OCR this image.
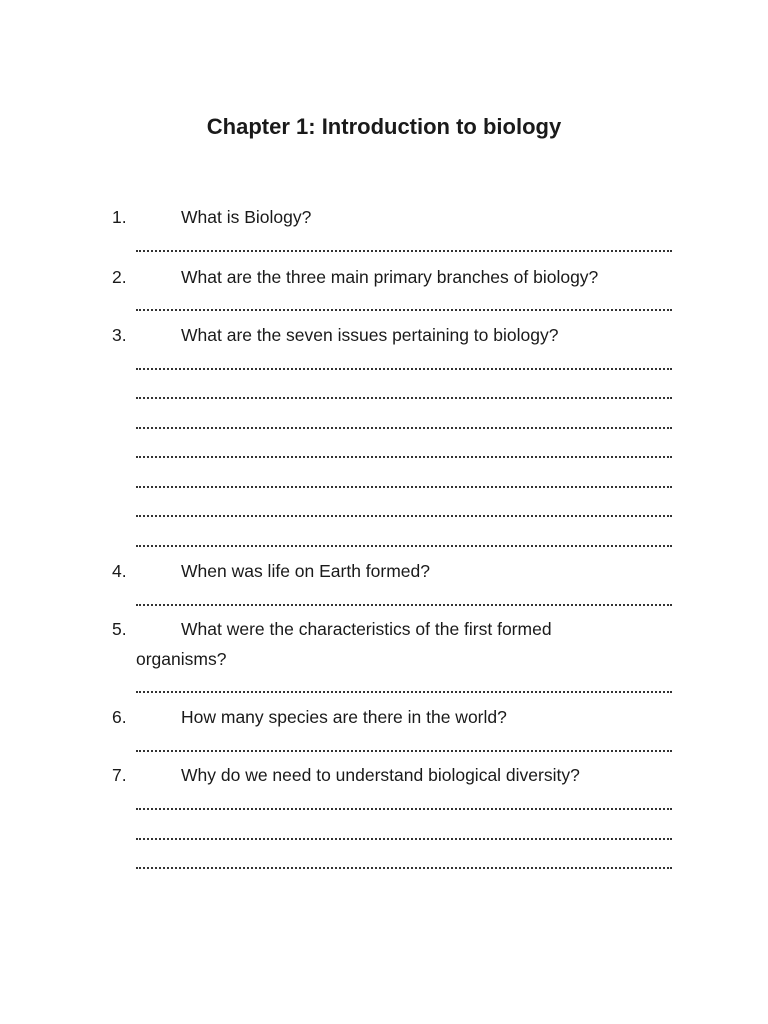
Chapter 1: Introduction to biology
1.	What is Biology?
2.	What are the three main primary branches of biology?
3.	What are the seven issues pertaining to biology?
4.	When was life on Earth formed?
5.	What were the characteristics of the first formed
organisms?
6.	How many species are there in the world?
7.	Why do we need to understand biological diversity?
